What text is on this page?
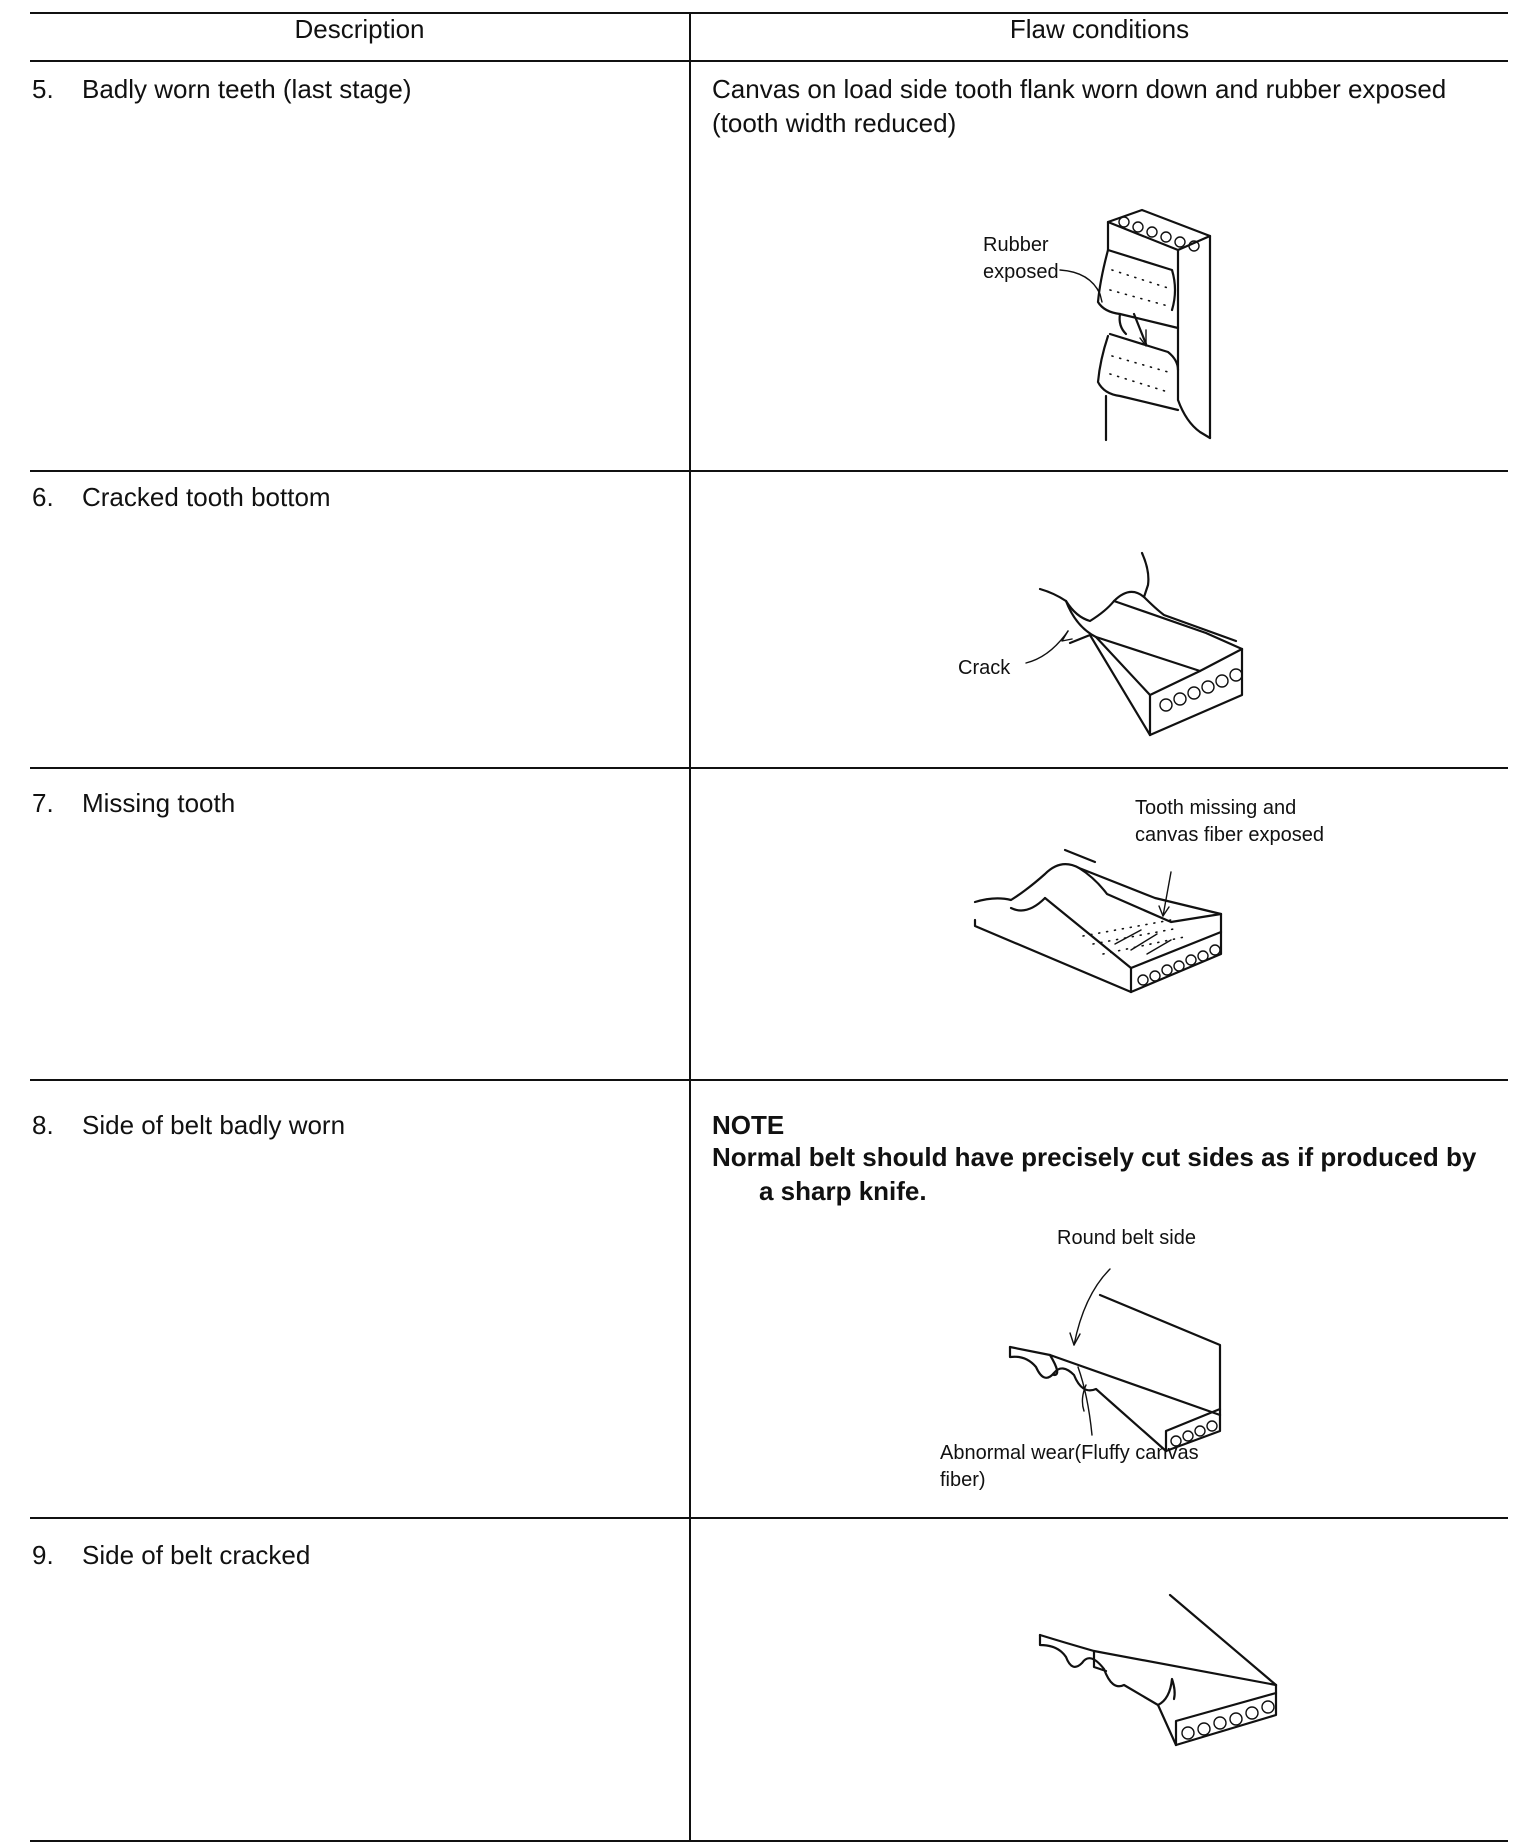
Description	Flaw conditions
5. Badly worn teeth (last stage)	Canvas on load side tooth flank worn down and rubber exposed (tooth width reduced)
Rubber exposed
6. Cracked tooth bottom
Crack
7. Missing tooth	Tooth missing and canvas fiber exposed
8. Side of belt badly worn	NOTE
Normal belt should have precisely cut sides as if produced by
a sharp knife.
Round belt side
Abnormal wear(Fluffy canvas fiber)
9. Side of belt cracked
